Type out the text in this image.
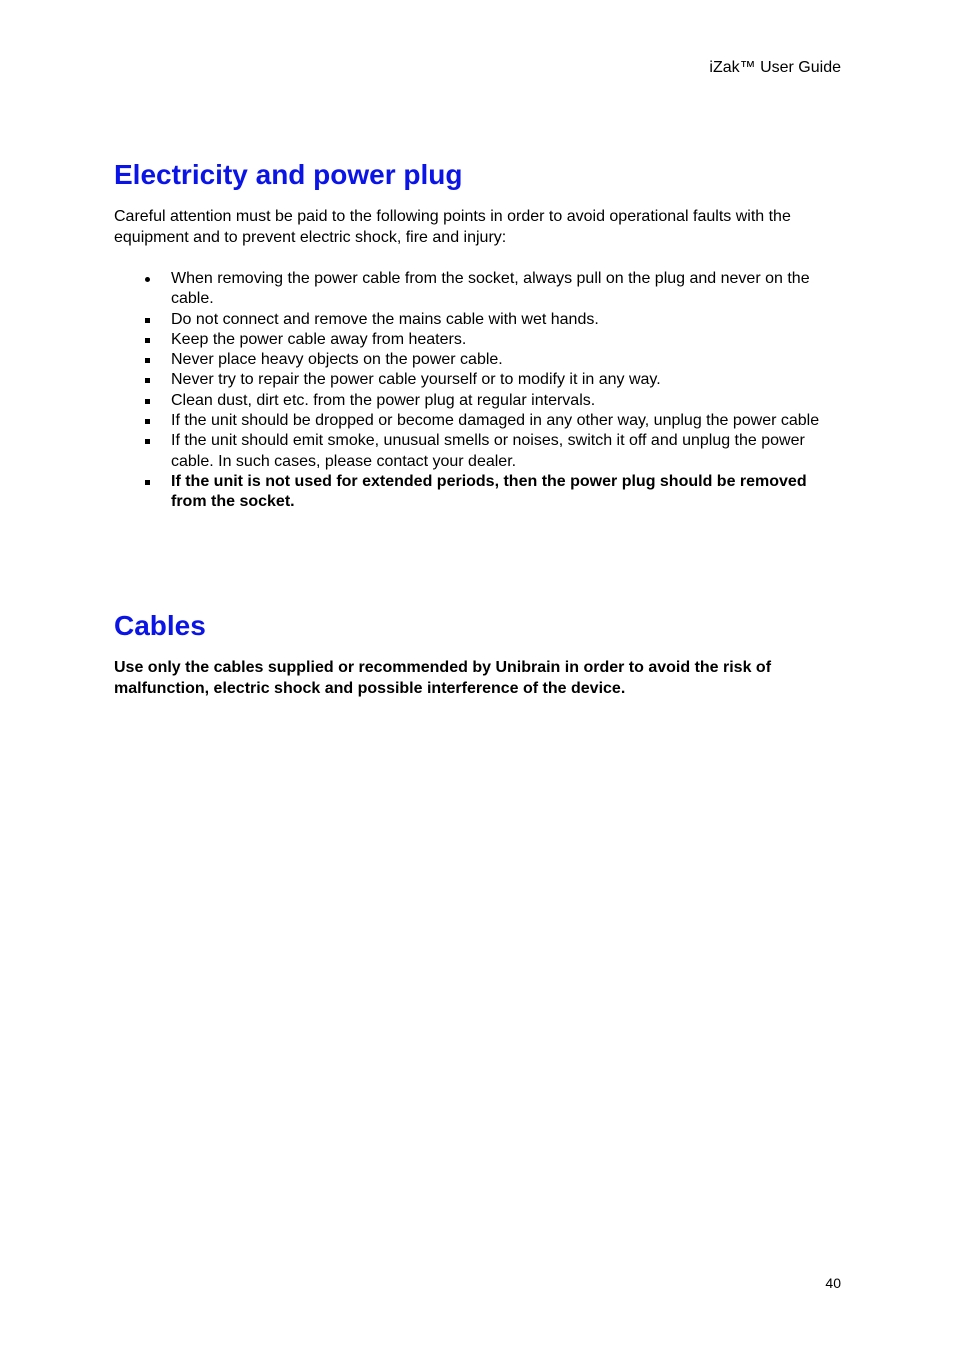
iZak™ User Guide
Electricity and power plug

Careful attention must be paid to the following points in order to avoid operational faults with the equipment and to prevent electric shock, fire and injury:

When removing the power cable from the socket, always pull on the plug and never on the cable.
Do not connect and remove the mains cable with wet hands.
Keep the power cable away from heaters.
Never place heavy objects on the power cable.
Never try to repair the power cable yourself or to modify it in any way.
Clean dust, dirt etc. from the power plug at regular intervals.
If the unit should be dropped or become damaged in any other way, unplug the power cable
If the unit should emit smoke, unusual smells or noises, switch it off and unplug the power cable. In such cases, please contact your dealer.
If the unit is not used for extended periods, then the power plug should be removed from the socket.
Cables

Use only the cables supplied or recommended by Unibrain in order to avoid the risk of malfunction, electric shock and possible interference of the device.

40
